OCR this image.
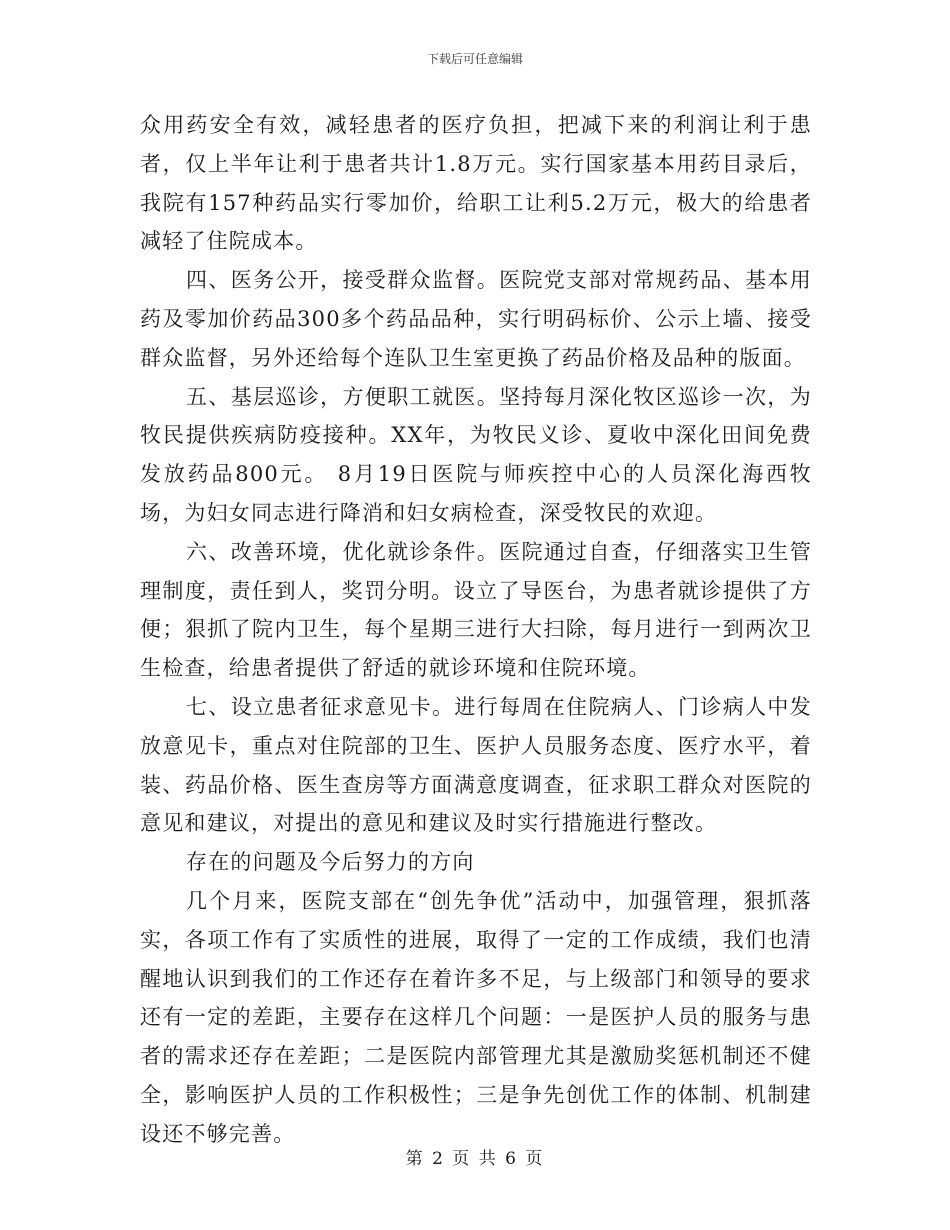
下载后可任意编辑

众用药安全有效，减轻患者的医疗负担，把减下来的利润让利于患者，仅上半年让利于患者共计1.8万元。实行国家基本用药目录后，我院有157种药品实行零加价，给职工让利5.2万元，极大的给患者减轻了住院成本。

四、医务公开，接受群众监督。医院党支部对常规药品、基本用药及零加价药品300多个药品品种，实行明码标价、公示上墙、接受群众监督，另外还给每个连队卫生室更换了药品价格及品种的版面。

五、基层巡诊，方便职工就医。坚持每月深化牧区巡诊一次，为牧民提供疾病防疫接种。XX年，为牧民义诊、夏收中深化田间免费发放药品800元。 8月19日医院与师疾控中心的人员深化海西牧场，为妇女同志进行降消和妇女病检查，深受牧民的欢迎。

六、改善环境，优化就诊条件。医院通过自查，仔细落实卫生管理制度，责任到人，奖罚分明。设立了导医台，为患者就诊提供了方便；狠抓了院内卫生，每个星期三进行大扫除，每月进行一到两次卫生检查，给患者提供了舒适的就诊环境和住院环境。

七、设立患者征求意见卡。进行每周在住院病人、门诊病人中发放意见卡，重点对住院部的卫生、医护人员服务态度、医疗水平，着装、药品价格、医生查房等方面满意度调查，征求职工群众对医院的意见和建议，对提出的意见和建议及时实行措施进行整改。

存在的问题及今后努力的方向

几个月来，医院支部在“创先争优”活动中，加强管理，狠抓落实，各项工作有了实质性的进展，取得了一定的工作成绩，我们也清醒地认识到我们的工作还存在着许多不足，与上级部门和领导的要求还有一定的差距，主要存在这样几个问题：一是医护人员的服务与患者的需求还存在差距；二是医院内部管理尤其是激励奖惩机制还不健全，影响医护人员的工作积极性；三是争先创优工作的体制、机制建设还不够完善。

第 2 页 共 6 页
